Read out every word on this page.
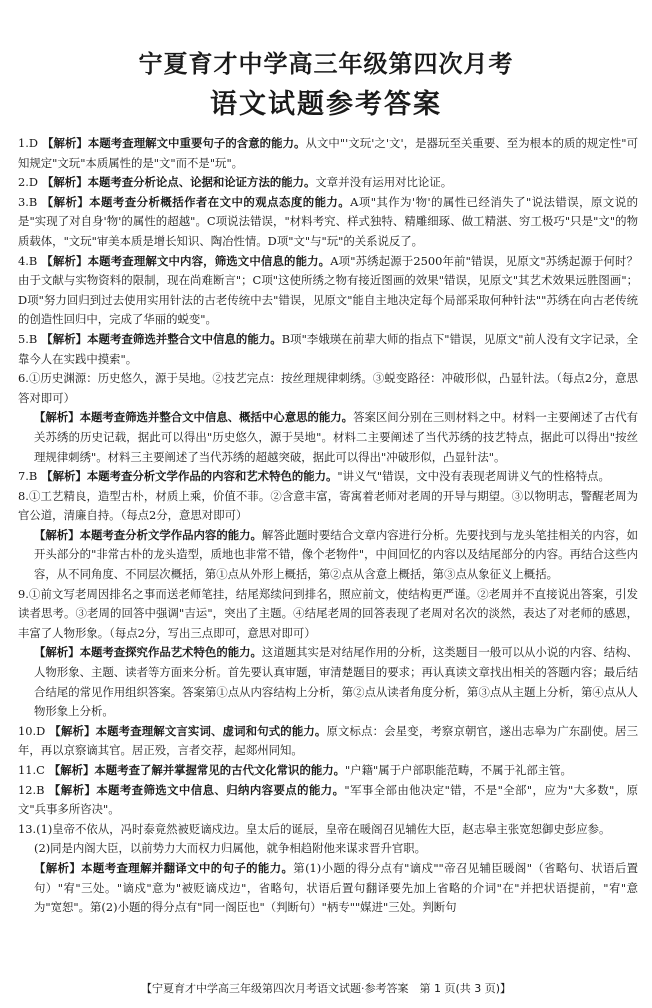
宁夏育才中学高三年级第四次月考
语文试题参考答案

1.D 【解析】本题考查理解文中重要句子的含意的能力。从文中"'文玩'之'文'，是器玩至关重要、至为根本的质的规定性"可知规定"文玩"本质属性的是"文"而不是"玩"。

2.D 【解析】本题考查分析论点、论据和论证方法的能力。文章并没有运用对比论证。

3.B 【解析】本题考查分析概括作者在文中的观点态度的能力。A项"其作为'物'的属性已经消失了"说法错误，原文说的是"实现了对自身'物'的属性的超越"。C项说法错误，"材料考究、样式独特、精雕细琢、做工精湛、穷工极巧"只是"文"的物质载体，"文玩"审美本质是增长知识、陶冶性情。D项"文"与"玩"的关系说反了。

4.B 【解析】本题考查理解文中内容，筛选文中信息的能力。A项"苏绣起源于2500年前"错误，见原文"苏绣起源于何时？由于文献与实物资料的限制，现在尚难断言"；C项"这使所绣之物有接近图画的效果"错误，见原文"其艺术效果远胜图画"；D项"努力回归到过去使用实用针法的古老传统中去"错误，见原文"能自主地决定每个局部采取何种针法""苏绣在向古老传统的创造性回归中，完成了华丽的蜕变"。

5.B 【解析】本题考查筛选并整合文中信息的能力。B项"李娥瑛在前辈大师的指点下"错误，见原文"前人没有文字记录，全靠今人在实践中摸索"。

6.①历史渊源：历史悠久，源于吴地。②技艺完点：按丝理规律刺绣。③蜕变路径：冲破形似，凸显针法。（每点2分，意思答对即可）

【解析】本题考查筛选并整合文中信息、概括中心意思的能力。答案区间分别在三则材料之中。材料一主要阐述了古代有关苏绣的历史记载，据此可以得出"历史悠久，源于吴地"。材料二主要阐述了当代苏绣的技艺特点，据此可以得出"按丝理规律刺绣"。材料三主要阐述了当代苏绣的超越突破，据此可以得出"冲破形似，凸显针法"。

7.B 【解析】本题考查分析文学作品的内容和艺术特色的能力。"讲义气"错误，文中没有表现老周讲义气的性格特点。

8.①工艺精良，造型古朴，材质上乘，价值不菲。②含意丰富，寄寓着老师对老周的开导与期望。③以物明志，警醒老周为官公道，清廉自持。（每点2分，意思对即可）

【解析】本题考查分析文学作品内容的能力。解答此题时要结合文章内容进行分析。先要找到与龙头笔挂相关的内容，如开头部分的"非常古朴的龙头造型，质地也非常不错，像个老物件"，中间回忆的内容以及结尾部分的内容。再结合这些内容，从不同角度、不同层次概括，第①点从外形上概括，第②点从含意上概括，第③点从象征义上概括。

9.①前文写老周因排名之事而送老师笔挂，结尾郑续问到排名，照应前文，使结构更严谨。②老周并不直接说出答案，引发读者思考。③老周的回答中强调"吉运"，突出了主题。④结尾老周的回答表现了老周对名次的淡然，表达了对老师的感恩，丰富了人物形象。（每点2分，写出三点即可，意思对即可）

【解析】本题考查探究作品艺术特色的能力。这道题其实是对结尾作用的分析，这类题目一般可以从小说的内容、结构、人物形象、主题、读者等方面来分析。首先要认真审题，审清楚题目的要求；再认真读文章找出相关的答题内容；最后结合结尾的常见作用组织答案。答案第①点从内容结构上分析，第②点从读者角度分析，第③点从主题上分析，第④点从人物形象上分析。

10.D 【解析】本题考查理解文言实词、虚词和句式的能力。原文标点：会星变，考察京朝官，遂出志皋为广东副使。居三年，再以京察谪其官。居正殁，言者交荐，起郯州同知。

11.C 【解析】本题考查了解并掌握常见的古代文化常识的能力。"户籍"属于户部职能范畴，不属于礼部主管。

12.B 【解析】本题考查筛选文中信息、归纳内容要点的能力。"军事全部由他决定"错，不是"全部"，应为"大多数"，原文"兵事多所咨决"。

13.(1)皇帝不依从，冯时泰竟然被贬谪戍边。皇太后的诞辰，皇帝在暖阁召见辅佐大臣，赵志皋主张宽恕御史彭应参。

(2)同是内阁大臣，以前势力大而权力归属他，就争相趋附他来谋求晋升官职。

【解析】本题考查理解并翻译文中的句子的能力。第(1)小题的得分点有"谪戍""帝召见辅臣暖阁"（省略句、状语后置句）"宥"三处。"谪戍"意为"被贬谪戍边"，省略句，状语后置句翻译要先加上省略的介词"在"并把状语提前，"宥"意为"宽恕"。第(2)小题的得分点有"同一阁臣也"（判断句）"柄专""媒进"三处。判断句

【宁夏育才中学高三年级第四次月考语文试题·参考答案　第 1 页(共 3 页)】
